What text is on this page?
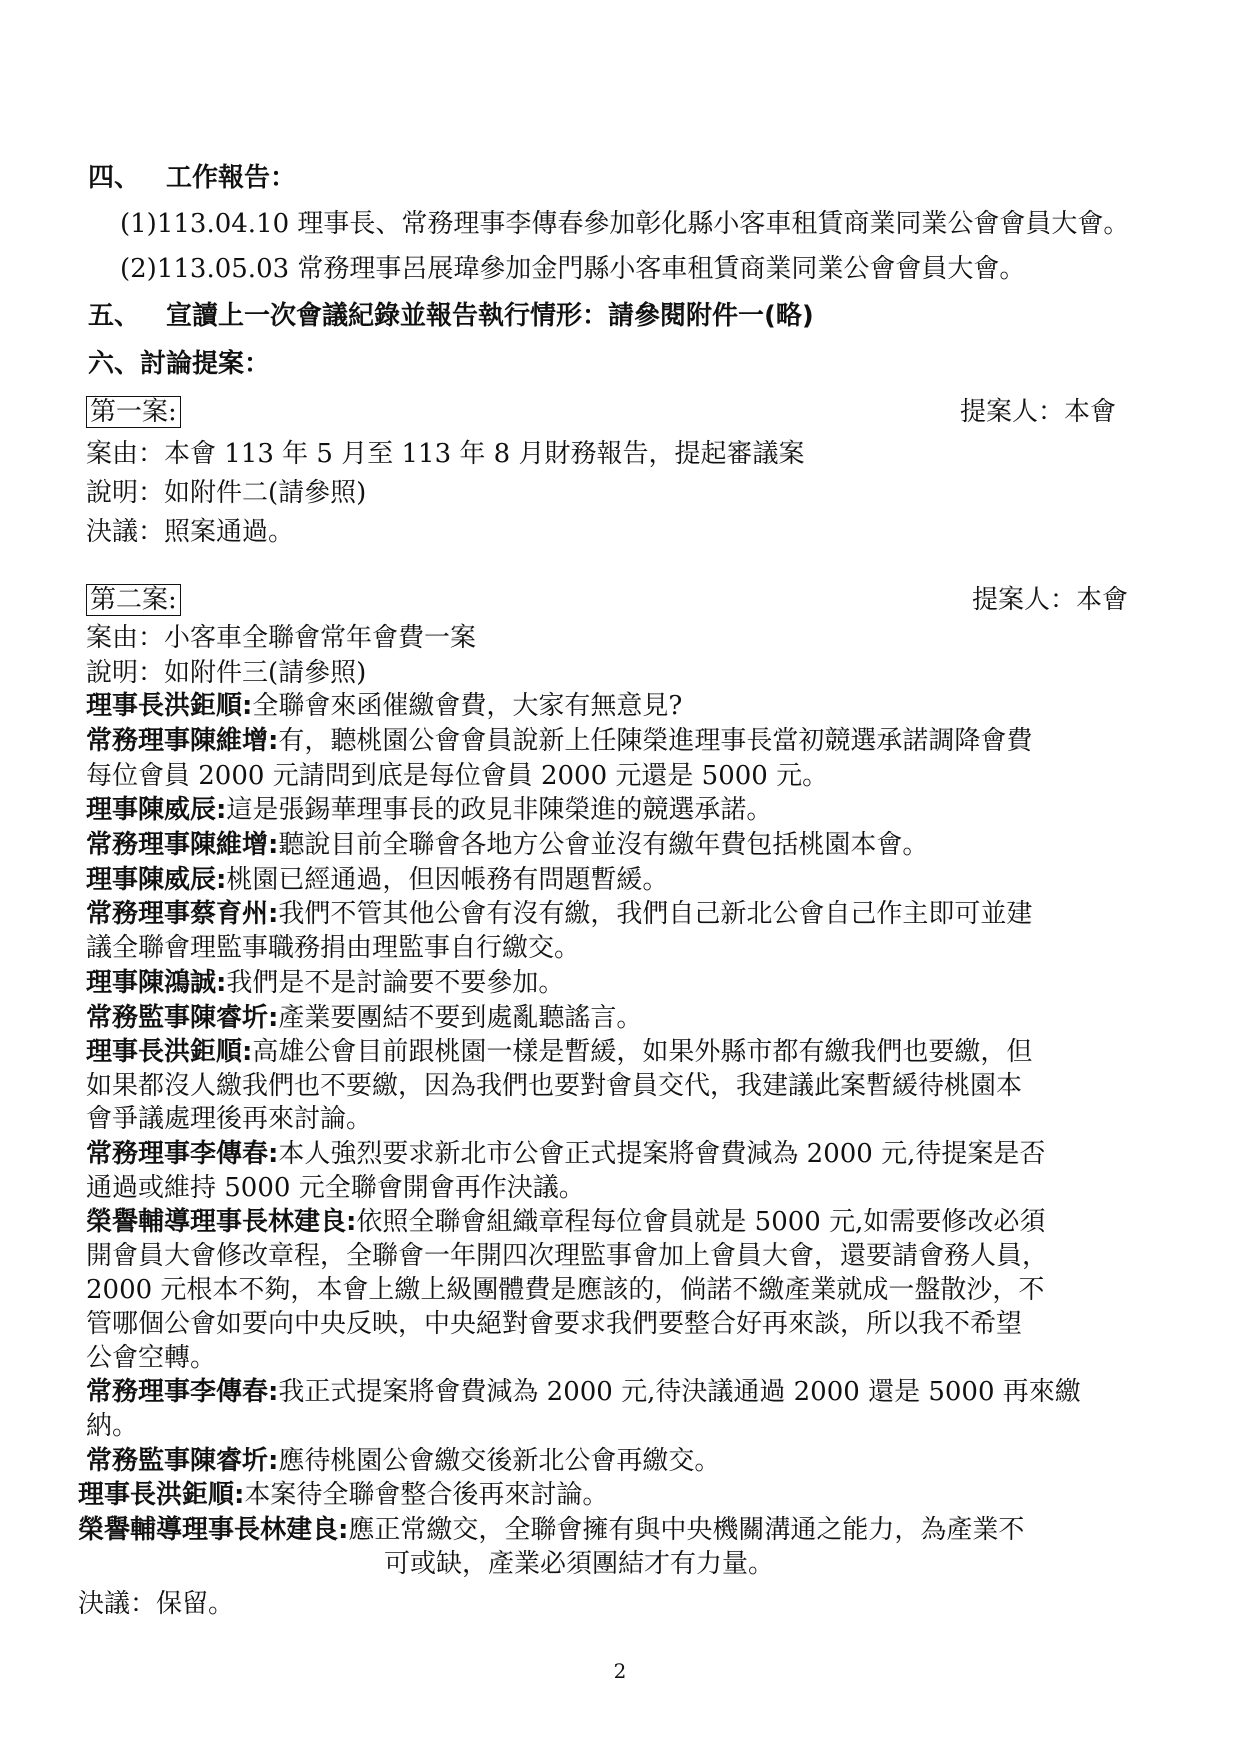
四、 工作報告：
(1)113.04.10 理事長、常務理事李傳春參加彰化縣小客車租賃商業同業公會會員大會。
(2)113.05.03 常務理事呂展瑋參加金門縣小客車租賃商業同業公會會員大會。
五、 宣讀上一次會議紀錄並報告執行情形：請參閱附件一(略)
六、討論提案：
第一案:	提案人：本會
案由：本會 113 年 5 月至 113 年 8 月財務報告，提起審議案
說明：如附件二(請參照)
決議：照案通過。
第二案:	提案人：本會
案由：小客車全聯會常年會費一案
說明：如附件三(請參照)
理事長洪鉅順:全聯會來函催繳會費，大家有無意見?
常務理事陳維增:有，聽桃園公會會員說新上任陳榮進理事長當初競選承諾調降會費
每位會員 2000 元請問到底是每位會員 2000 元還是 5000 元。
理事陳威辰:這是張錫華理事長的政見非陳榮進的競選承諾。
常務理事陳維增:聽說目前全聯會各地方公會並沒有繳年費包括桃園本會。
理事陳威辰:桃園已經通過，但因帳務有問題暫緩。
常務理事蔡育州:我們不管其他公會有沒有繳，我們自己新北公會自己作主即可並建
議全聯會理監事職務捐由理監事自行繳交。
理事陳鴻誠:我們是不是討論要不要參加。
常務監事陳睿圻:產業要團結不要到處亂聽謠言。
理事長洪鉅順:高雄公會目前跟桃園一樣是暫緩，如果外縣市都有繳我們也要繳，但
如果都沒人繳我們也不要繳，因為我們也要對會員交代，我建議此案暫緩待桃園本
會爭議處理後再來討論。
常務理事李傳春:本人強烈要求新北市公會正式提案將會費減為 2000 元,待提案是否
通過或維持 5000 元全聯會開會再作決議。
榮譽輔導理事長林建良:依照全聯會組織章程每位會員就是 5000 元,如需要修改必須
開會員大會修改章程，全聯會一年開四次理監事會加上會員大會，還要請會務人員，
2000 元根本不夠，本會上繳上級團體費是應該的，倘諾不繳產業就成一盤散沙，不
管哪個公會如要向中央反映，中央絕對會要求我們要整合好再來談，所以我不希望
公會空轉。
常務理事李傳春:我正式提案將會費減為 2000 元,待決議通過 2000 還是 5000 再來繳
納。
常務監事陳睿圻:應待桃園公會繳交後新北公會再繳交。
理事長洪鉅順:本案待全聯會整合後再來討論。
榮譽輔導理事長林建良:應正常繳交，全聯會擁有與中央機關溝通之能力，為產業不
可或缺，產業必須團結才有力量。
決議：保留。
2
